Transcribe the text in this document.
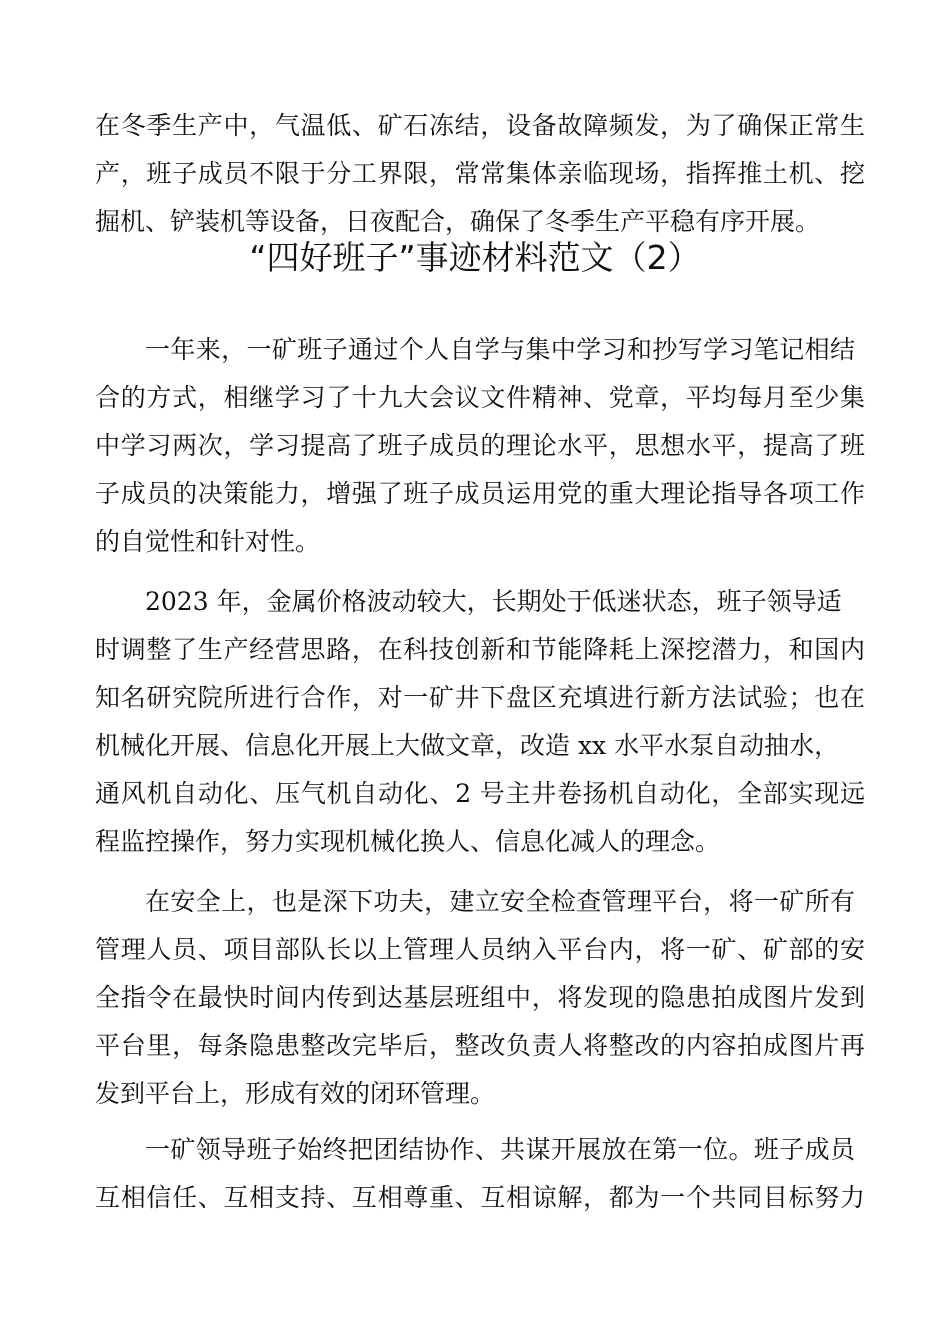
在冬季生产中，气温低、矿石冻结，设备故障频发，为了确保正常生
产，班子成员不限于分工界限，常常集体亲临现场，指挥推土机、挖
掘机、铲装机等设备，日夜配合，确保了冬季生产平稳有序开展。
“四好班子”事迹材料范文（2）
一年来，一矿班子通过个人自学与集中学习和抄写学习笔记相结
合的方式，相继学习了十九大会议文件精神、党章，平均每月至少集
中学习两次，学习提高了班子成员的理论水平，思想水平，提高了班
子成员的决策能力，增强了班子成员运用党的重大理论指导各项工作
的自觉性和针对性。
2023 年，金属价格波动较大，长期处于低迷状态，班子领导适
时调整了生产经营思路，在科技创新和节能降耗上深挖潜力，和国内
知名研究院所进行合作，对一矿井下盘区充填进行新方法试验；也在
机械化开展、信息化开展上大做文章，改造 xx 水平水泵自动抽水，
通风机自动化、压气机自动化、2 号主井卷扬机自动化，全部实现远
程监控操作，努力实现机械化换人、信息化减人的理念。
在安全上，也是深下功夫，建立安全检查管理平台，将一矿所有
管理人员、项目部队长以上管理人员纳入平台内，将一矿、矿部的安
全指令在最快时间内传到达基层班组中，将发现的隐患拍成图片发到
平台里，每条隐患整改完毕后，整改负责人将整改的内容拍成图片再
发到平台上，形成有效的闭环管理。
一矿领导班子始终把团结协作、共谋开展放在第一位。班子成员
互相信任、互相支持、互相尊重、互相谅解，都为一个共同目标努力
